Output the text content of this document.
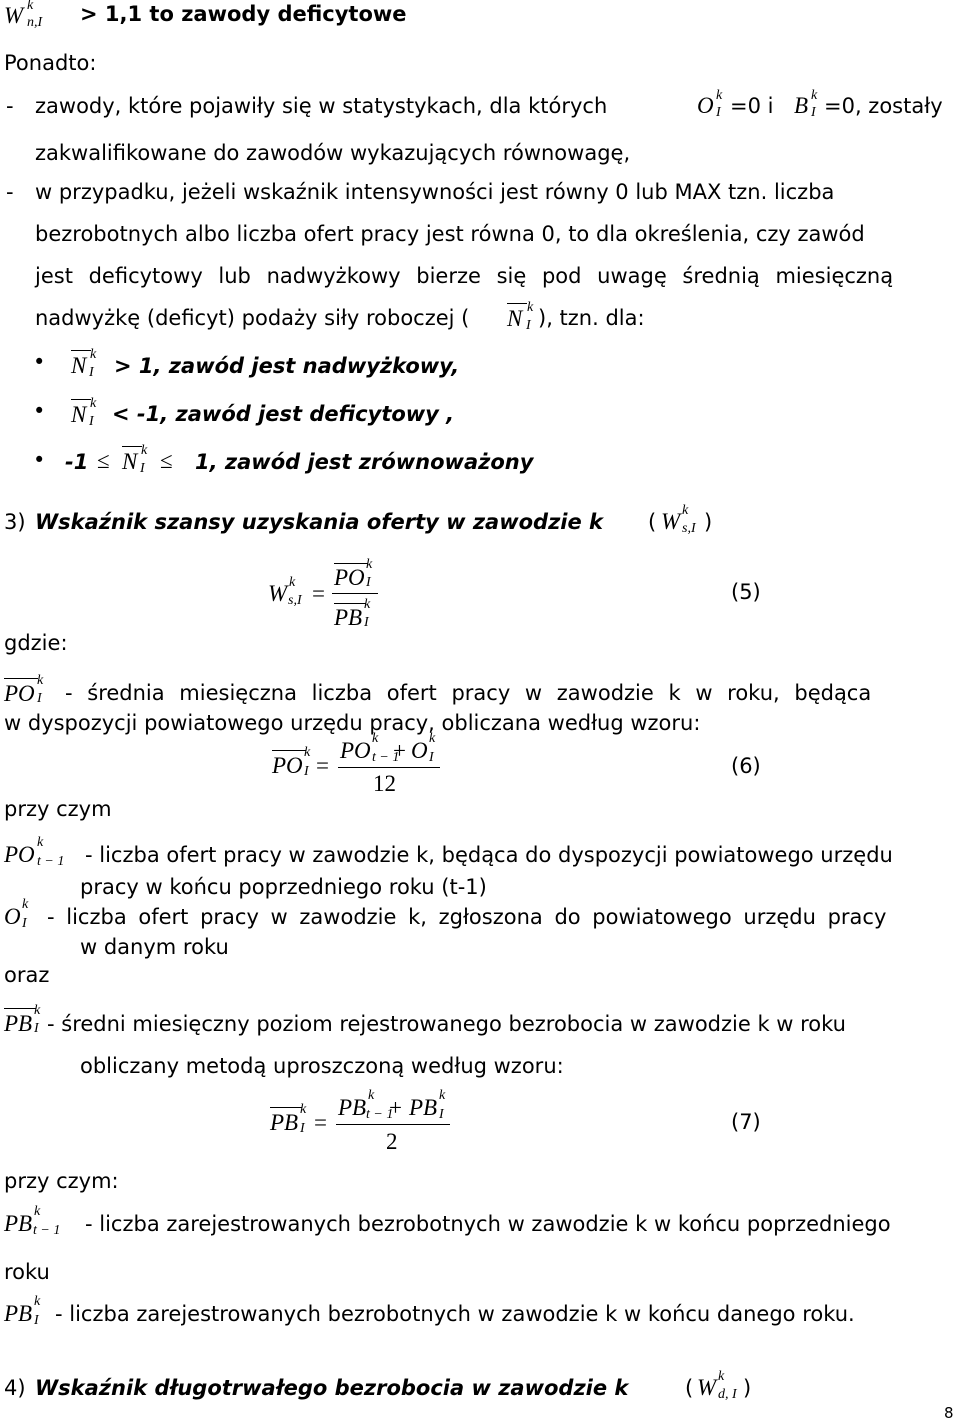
W k
n,I > 1,1 to zawody deficytowe
Ponadto:
- zawody, które pojawiły się w statystykach, dla których	O k
I =0 i B k
I =0, zostały
zakwalifikowane do zawodów wykazujących równowagę,
- w przypadku, jeżeli wskaźnik intensywności jest równy 0 lub MAX tzn. liczba
bezrobotnych albo liczba ofert pracy jest równa 0, to dla określenia, czy zawód
jest deficytowy lub nadwyżkowy bierze się pod uwagę średnią miesięczną
nadwyżkę (deficyt) podaży siły roboczej ( N k
I ), tzn. dla:
• N k
I > 1, zawód jest nadwyżkowy,
• N k
I < -1, zawód jest deficytowy ,
• -1 ≤ N k
I ≤ 1, zawód jest zrównoważony
3) Wskaźnik szansy uzyskania oferty w zawodzie k ( W k
s,I )
W k
s,I =
PO
k
I
PB
k
I
(5)
gdzie:
PO
k
I - średnia miesięczna liczba ofert pracy w zawodzie k w roku, będąca
w dyspozycji powiatowego urzędu pracy, obliczana według wzoru:
PO I
k
=
PO k
t − 1
+ O k
I
12
(6)
przy czym
PO k
t − 1 - liczba ofert pracy w zawodzie k, będąca do dyspozycji powiatowego urzędu
pracy w końcu poprzedniego roku (t-1)
O k
I - liczba ofert pracy w zawodzie k, zgłoszona do powiatowego urzędu pracy
w danym roku
oraz
PB
k
I - średni miesięczny poziom rejestrowanego bezrobocia w zawodzie k w roku
obliczany metodą uproszczoną według wzoru:
PB
k
I =
PB k
t − 1
+ PB k
I
2
(7)
przy czym:
PB k
t − 1 - liczba zarejestrowanych bezrobotnych w zawodzie k w końcu poprzedniego
roku
PB k
I - liczba zarejestrowanych bezrobotnych w zawodzie k w końcu danego roku.
4) Wskaźnik długotrwałego bezrobocia w zawodzie k	( W k
d, I )
8
